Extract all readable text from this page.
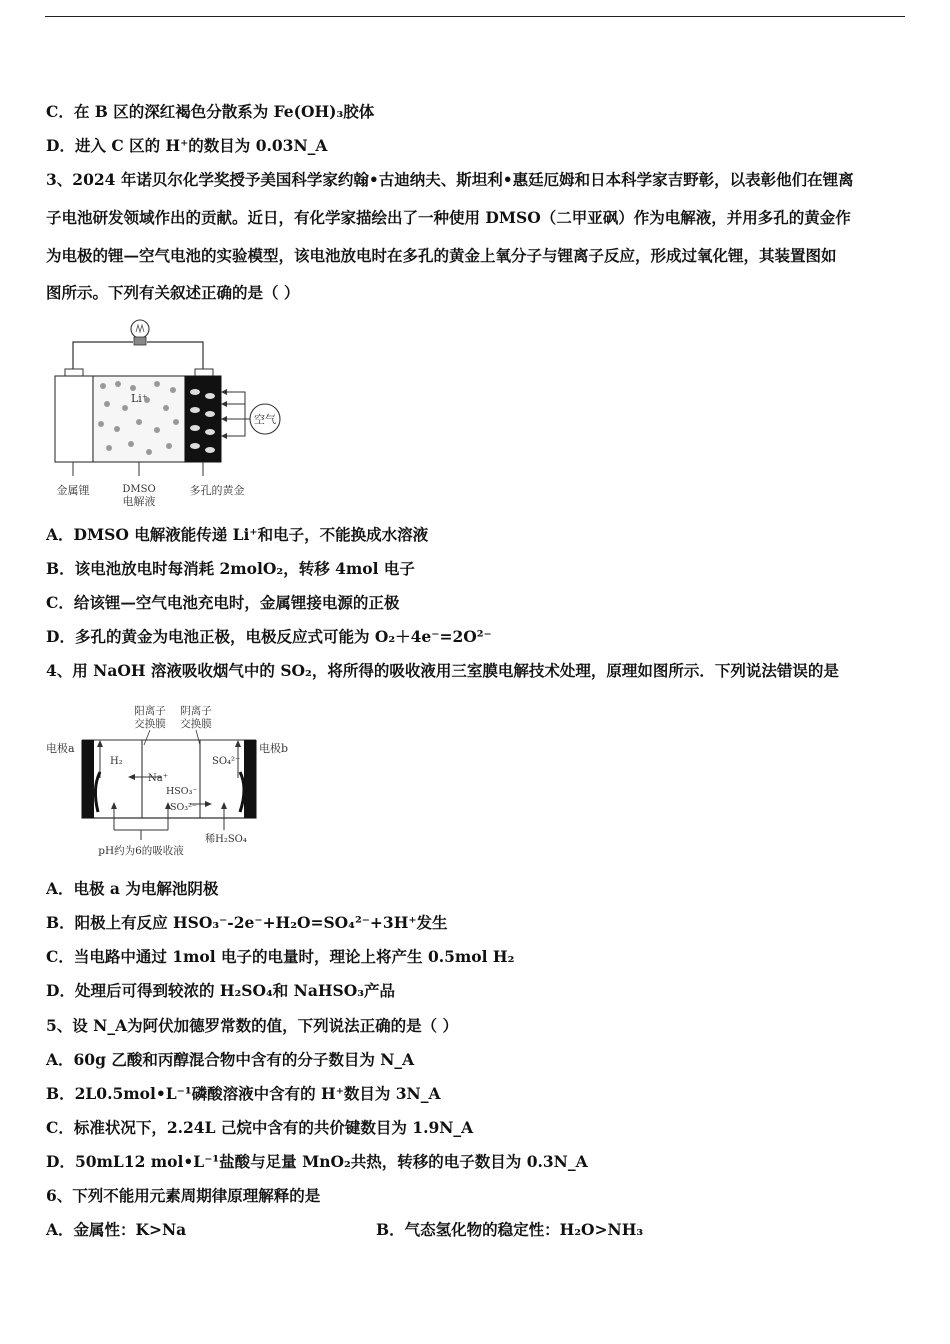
C．在 B 区的深红褐色分散系为 Fe(OH)₃胶体
D．进入 C 区的 H⁺的数目为 0.03N_A
3、2024 年诺贝尔化学奖授予美国科学家约翰•古迪纳夫、斯坦利•惠廷厄姆和日本科学家吉野彰，以表彰他们在锂离
子电池研发领域作出的贡献。近日，有化学家描绘出了一种使用 DMSO（二甲亚砜）作为电解液，并用多孔的黄金作
为电极的锂—空气电池的实验模型，该电池放电时在多孔的黄金上氧分子与锂离子反应，形成过氧化锂，其装置图如
图所示。下列有关叙述正确的是（ ）
Li⁺
空气
金属锂	DMSO
电解液
多孔的黄金
A．DMSO 电解液能传递 Li⁺和电子，不能换成水溶液
B．该电池放电时每消耗 2molO₂，转移 4mol 电子
C．给该锂—空气电池充电时，金属锂接电源的正极
D．多孔的黄金为电池正极，电极反应式可能为 O₂＋4e⁻=2O²⁻
4、用 NaOH 溶液吸收烟气中的 SO₂，将所得的吸收液用三室膜电解技术处理，原理如图所示．下列说法错误的是
阳离子
交换膜
阴离子
交换膜
电极a	电极b
H₂
Na⁺
HSO₃⁻
SO₃²⁻
SO₄²⁻
稀H₂SO₄
pH约为6的吸收液
A．电极 a 为电解池阴极
B．阳极上有反应 HSO₃⁻-2e⁻+H₂O=SO₄²⁻+3H⁺发生
C．当电路中通过 1mol 电子的电量时，理论上将产生 0.5mol H₂
D．处理后可得到较浓的 H₂SO₄和 NaHSO₃产品
5、设 N_A为阿伏加德罗常数的值，下列说法正确的是（ ）
A．60g 乙酸和丙醇混合物中含有的分子数目为 N_A
B．2L0.5mol•L⁻¹磷酸溶液中含有的 H⁺数目为 3N_A
C．标准状况下，2.24L 己烷中含有的共价键数目为 1.9N_A
D．50mL12 mol•L⁻¹盐酸与足量 MnO₂共热，转移的电子数目为 0.3N_A
6、下列不能用元素周期律原理解释的是
A．金属性：K>Na	B．气态氢化物的稳定性：H₂O>NH₃
